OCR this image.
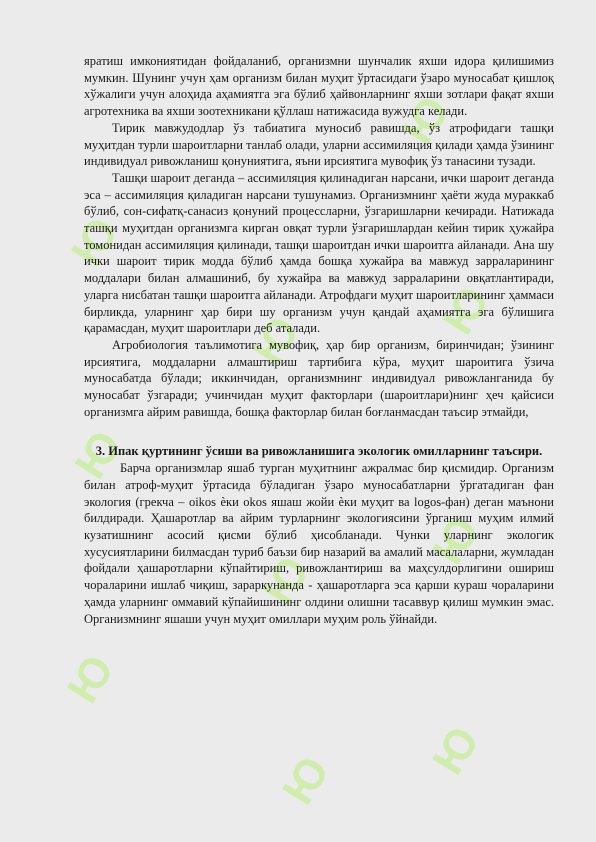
Ю
Ю
Ю
Ю	Ю
Ю
Ю
Ю
Ю Ю

яратиш имкониятидан фойдаланиб, организмни шунчалик яхши идора қилишимиз мумкин. Шунинг учун ҳам организм билан муҳит ўртасидаги ўзаро муносабат қишлоқ хўжалиги учун алоҳида аҳамиятга эга бўлиб ҳайвонларнинг яхши зотлари фақат яхши агротехника ва яхши зоотехникани қўллаш натижасида вужудга келади.

Тирик мавжудодлар ўз табиатига муносиб равишда, ўз атрофидаги ташқи муҳитдан турли шароитларни танлаб олади, уларни ассимиляция қилади ҳамда ўзининг индивидуал ривожланиш қонуниятига, яъни ирсиятига мувофиқ ўз танасини тузади.

Ташқи шароит деганда – ассимиляция қилинадиган нарсани, ички шароит деганда эса – ассимиляция қиладиган нарсани тушунамиз. Организмнинг ҳаёти жуда мураккаб бўлиб, сон-сифатқ-санасиз қонуний процессларни, ўзгаришларни кечиради. Натижада ташқи муҳитдан организмга кирган овқат турли ўзгаришлардан кейин тирик ҳужайра томонидан ассимиляция қилинади, ташқи шароитдан ички шароитга айланади. Ана шу ички шароит тирик модда бўлиб ҳамда бошқа хужайра ва мавжуд зарраларининг моддалари билан алмашиниб, бу хужайра ва мавжуд зарраларини овқатлантиради, уларга нисбатан ташқи шароитга айланади. Атрофдаги муҳит шароитларининг ҳаммаси бирликда, уларнинг ҳар бири шу организм учун қандай аҳамиятга эга бўлишига қарамасдан, муҳит шароитлари деб аталади.

Агробиология таълимотига мувофиқ, ҳар бир организм, биринчидан; ўзининг ирсиятига, моддаларни алмаштириш тартибига кўра, муҳит шароитига ўзича муносабатда бўлади; иккинчидан, организмнинг индивидуал ривожланганида бу муносабат ўзгаради; учинчидан муҳит факторлари (шароитлари)нинг ҳеч қайсиси организмга айрим равишда, бошқа факторлар билан боғланмасдан таъсир этмайди,

3. Ипак қуртининг ўсиши ва ривожланишига экологик омилларнинг таъсири.

Барча организмлар яшаб турган муҳитнинг ажралмас бир қисмидир. Организм билан атроф-муҳит ўртасида бўладиган ўзаро муносабатларни ўргатадиган фан экология (грекча – oikos ѐки okos яшаш жойи ѐки муҳит ва logos-фан) деган маънони билдиради. Ҳашаротлар ва айрим турларнинг экологиясини ўрганиш муҳим илмий кузатишнинг асосий қисми бўлиб ҳисобланади. Чунки уларнинг экологик хусусиятларини билмасдан туриб баъзи бир назарий ва амалий масалаларни, жумладан фойдали ҳашаротларни кўпайтириш, ривожлантириш ва маҳсулдорлигини ошириш чораларини ишлаб чиқиш, зараркунанда - ҳашаротларга эса қарши кураш чораларини ҳамда уларнинг оммавий кўпайишининг олдини олишни тасаввур қилиш мумкин эмас. Организмнинг яшаши учун муҳит омиллари муҳим роль ўйнайди.
